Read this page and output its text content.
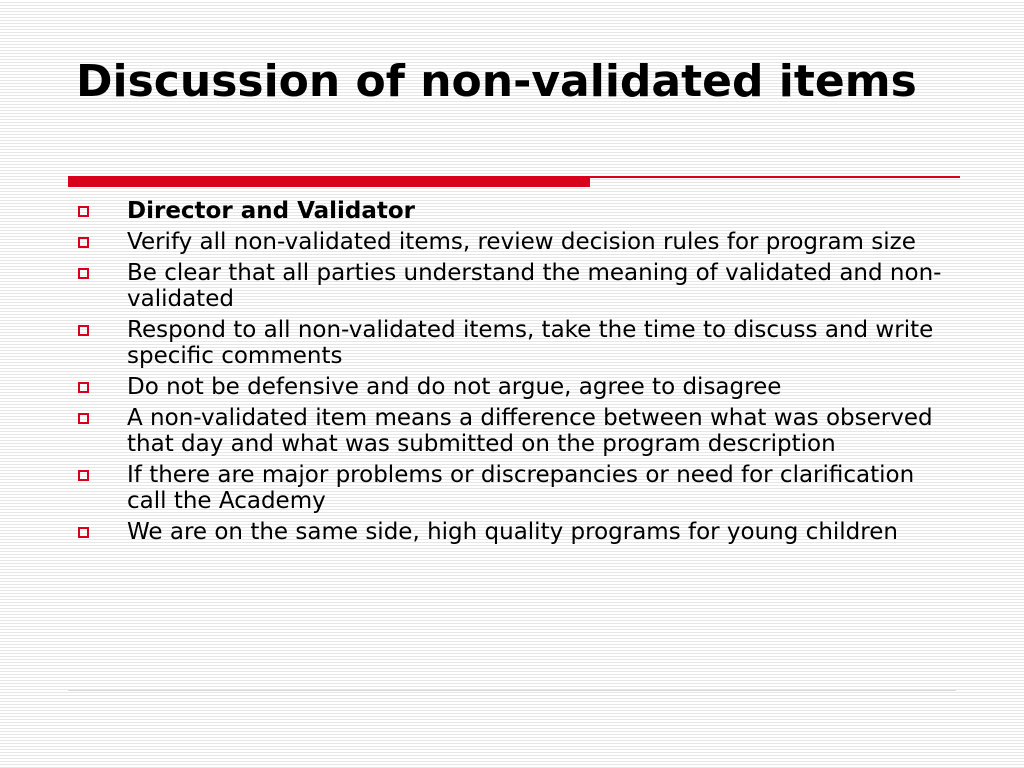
Discussion of non-validated items
Director and Validator
Verify all non-validated items, review decision rules for program size
Be clear that all parties understand the meaning of validated and non-validated
Respond to all non-validated items, take the time to discuss and write specific comments
Do not be defensive and do not argue, agree to disagree
A non-validated item means a difference between what was observed that day and what was submitted on the program description
If there are major problems or discrepancies or need for clarification call the Academy
We are on the same side, high quality programs for young children
